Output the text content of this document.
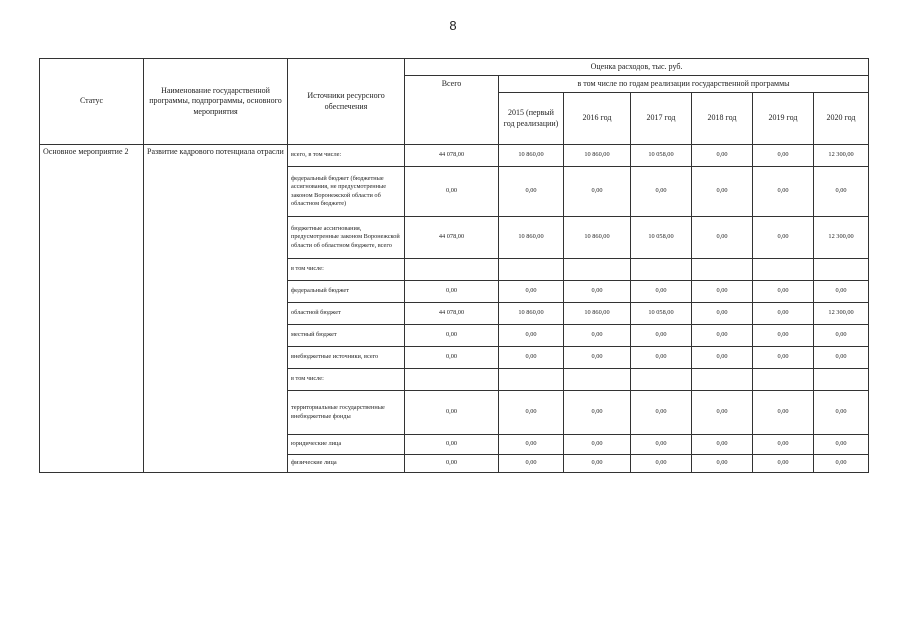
8
Статус	Наименование государственной программы, подпрограммы, основного мероприятия	Источники ресурсного обеспечения	Оценка расходов, тыс. руб.						
			Всего	в том числе по годам реализации государственной программы					
				2015 (первый год реализации)	2016 год	2017 год	2018 год	2019 год	2020 год
Основное мероприятие 2	Развитие кадрового потенциала отрасли	всего, в том числе:	44 078,00	10 860,00	10 860,00	10 058,00	0,00	0,00	12 300,00
		федеральный бюджет (бюджетные ассигнования, не предусмотренные законом Воронежской области об областном бюджете)	0,00	0,00	0,00	0,00	0,00	0,00	0,00
		бюджетные ассигнования, предусмотренные законом Воронежской области об областном бюджете, всего	44 078,00	10 860,00	10 860,00	10 058,00	0,00	0,00	12 300,00
		в том числе:							
		федеральный бюджет	0,00	0,00	0,00	0,00	0,00	0,00	0,00
		областной бюджет	44 078,00	10 860,00	10 860,00	10 058,00	0,00	0,00	12 300,00
		местный бюджет	0,00	0,00	0,00	0,00	0,00	0,00	0,00
		внебюджетные источники, всего	0,00	0,00	0,00	0,00	0,00	0,00	0,00
		в том числе:							
		территориальные государственные внебюджетные фонды	0,00	0,00	0,00	0,00	0,00	0,00	0,00
		юридические лица	0,00	0,00	0,00	0,00	0,00	0,00	0,00
		физические лица	0,00	0,00	0,00	0,00	0,00	0,00	0,00
